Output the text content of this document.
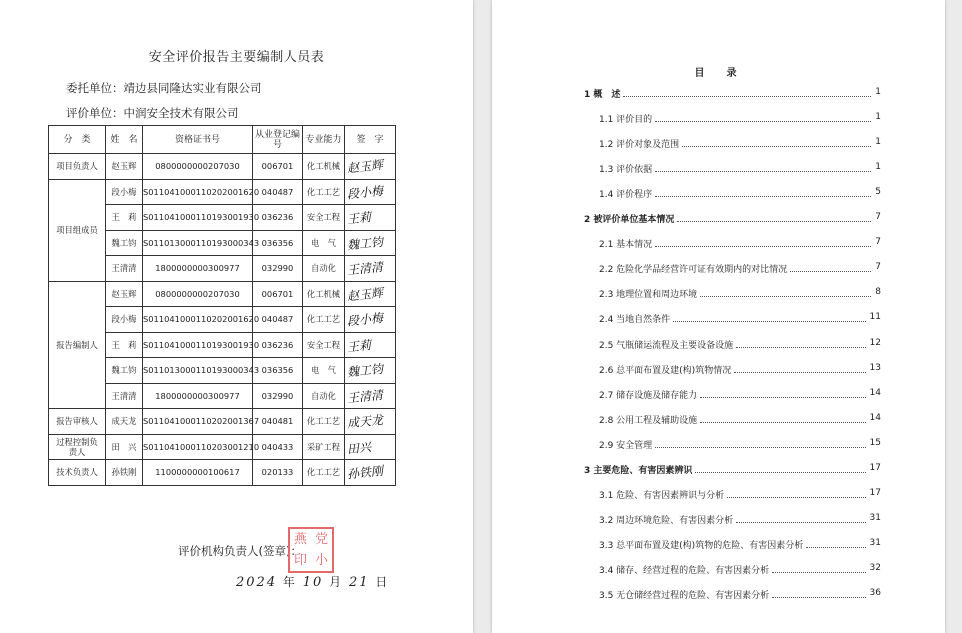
安全评价报告主要编制人员表
委托单位：靖边县同隆达实业有限公司
评价单位：中润安全技术有限公司
分　类	姓　名	资格证书号	从业登记编号	专业能力	签　字
项目负责人	赵玉辉	0800000000207030	006701	化工机械	赵玉辉

项目组成员	段小梅	S011041000110202001620	040487	化工工艺	段小梅

	王　莉	S011041000110193001930	036236	安全工程	王莉

	魏工钧	S011013000110193000343	036356	电　气	魏工钧

	王清清	1800000000300977	032990	自动化	王清清

报告编制人	赵玉辉	0800000000207030	006701	化工机械	赵玉辉

	段小梅	S011041000110202001620	040487	化工工艺	段小梅

	王　莉	S011041000110193001930	036236	安全工程	王莉

	魏工钧	S011013000110193000343	036356	电　气	魏工钧

	王清清	1800000000300977	032990	自动化	王清清

报告审核人	成天龙	S011041000110202001367	040481	化工工艺	成天龙

过程控制负责人	田　兴	S011041000110203001210	040433	采矿工程	田兴

技术负责人	孙铁刚	1100000000100617	020133	化工工艺	孙铁刚
评价机构负责人(签章)：
燕 党
印 小
2024 年 10 月 21 日
目　录
1 概　述	1
1.1 评价目的	1
1.2 评价对象及范围	1
1.3 评价依据	1
1.4 评价程序	5
2 被评价单位基本情况	7
2.1 基本情况	7
2.2 危险化学品经营许可证有效期内的对比情况	7
2.3 地理位置和周边环境	8
2.4 当地自然条件	11
2.5 气瓶储运流程及主要设备设施	12
2.6 总平面布置及建(构)筑物情况	13
2.7 储存设施及储存能力	14
2.8 公用工程及辅助设施	14
2.9 安全管理	15
3 主要危险、有害因素辨识	17
3.1 危险、有害因素辨识与分析	17
3.2 周边环境危险、有害因素分析	31
3.3 总平面布置及建(构)筑物的危险、有害因素分析	31
3.4 储存、经营过程的危险、有害因素分析	32
3.5 无仓储经营过程的危险、有害因素分析	36
